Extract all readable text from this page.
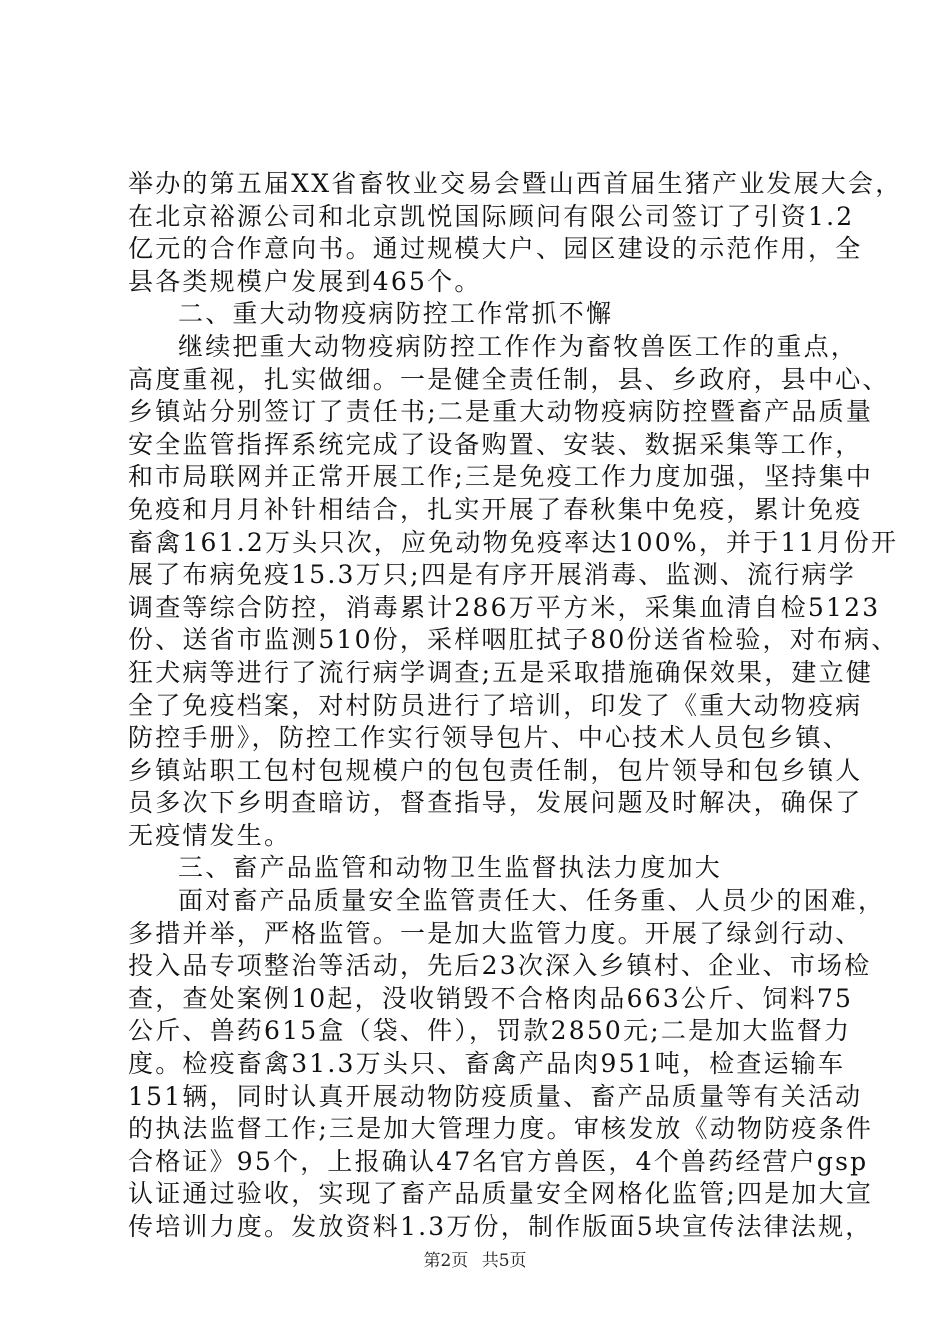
举办的第五届XX省畜牧业交易会暨山西首届生猪产业发展大会，
在北京裕源公司和北京凯悦国际顾问有限公司签订了引资1.2
亿元的合作意向书。通过规模大户、园区建设的示范作用，全
县各类规模户发展到465个。
二、重大动物疫病防控工作常抓不懈
继续把重大动物疫病防控工作作为畜牧兽医工作的重点，
高度重视，扎实做细。一是健全责任制，县、乡政府，县中心、
乡镇站分别签订了责任书;二是重大动物疫病防控暨畜产品质量
安全监管指挥系统完成了设备购置、安装、数据采集等工作，
和市局联网并正常开展工作;三是免疫工作力度加强，坚持集中
免疫和月月补针相结合，扎实开展了春秋集中免疫，累计免疫
畜禽161.2万头只次，应免动物免疫率达100%，并于11月份开
展了布病免疫15.3万只;四是有序开展消毒、监测、流行病学
调查等综合防控，消毒累计286万平方米，采集血清自检5123
份、送省市监测510份，采样咽肛拭子80份送省检验，对布病、
狂犬病等进行了流行病学调查;五是采取措施确保效果，建立健
全了免疫档案，对村防员进行了培训，印发了《重大动物疫病
防控手册》，防控工作实行领导包片、中心技术人员包乡镇、
乡镇站职工包村包规模户的包包责任制，包片领导和包乡镇人
员多次下乡明查暗访，督查指导，发展问题及时解决，确保了
无疫情发生。
三、畜产品监管和动物卫生监督执法力度加大
面对畜产品质量安全监管责任大、任务重、人员少的困难，
多措并举，严格监管。一是加大监管力度。开展了绿剑行动、
投入品专项整治等活动，先后23次深入乡镇村、企业、市场检
查，查处案例10起，没收销毁不合格肉品663公斤、饲料75
公斤、兽药615盒（袋、件），罚款2850元;二是加大监督力
度。检疫畜禽31.3万头只、畜禽产品肉951吨，检查运输车
151辆，同时认真开展动物防疫质量、畜产品质量等有关活动
的执法监督工作;三是加大管理力度。审核发放《动物防疫条件
合格证》95个，上报确认47名官方兽医，4个兽药经营户gsp
认证通过验收，实现了畜产品质量安全网格化监管;四是加大宣
传培训力度。发放资料1.3万份，制作版面5块宣传法律法规，
第2页 共5页
